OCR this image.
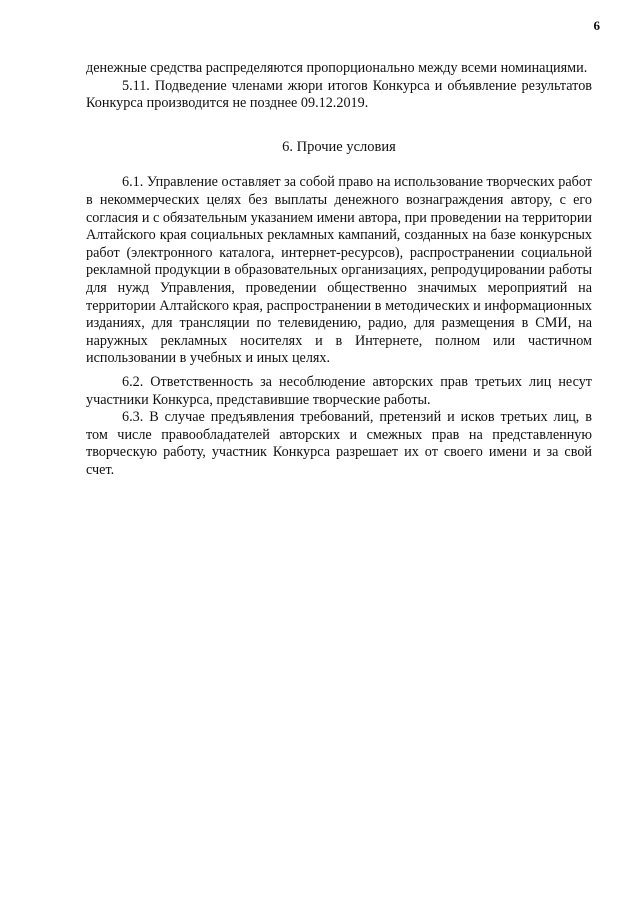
6

денежные средства распределяются пропорционально между всеми номинациями.

5.11. Подведение членами жюри итогов Конкурса и объявление результатов Конкурса производится не позднее 09.12.2019.

6. Прочие условия

6.1. Управление оставляет за собой право на использование творческих работ в некоммерческих целях без выплаты денежного вознаграждения автору, с его согласия и с обязательным указанием имени автора, при проведении на территории Алтайского края социальных рекламных кампаний, созданных на базе конкурсных работ (электронного каталога, интернет-ресурсов), распространении социальной рекламной продукции в образовательных организациях, репродуцировании работы для нужд Управления, проведении общественно значимых мероприятий на территории Алтайского края, распространении в методических и информационных изданиях, для трансляции по телевидению, радио, для размещения в СМИ, на наружных рекламных носителях и в Интернете, полном или частичном использовании в учебных и иных целях.

6.2. Ответственность за несоблюдение авторских прав третьих лиц несут участники Конкурса, представившие творческие работы.

6.3. В случае предъявления требований, претензий и исков третьих лиц, в том числе правообладателей авторских и смежных прав на представленную творческую работу, участник Конкурса разрешает их от своего имени и за свой счет.
